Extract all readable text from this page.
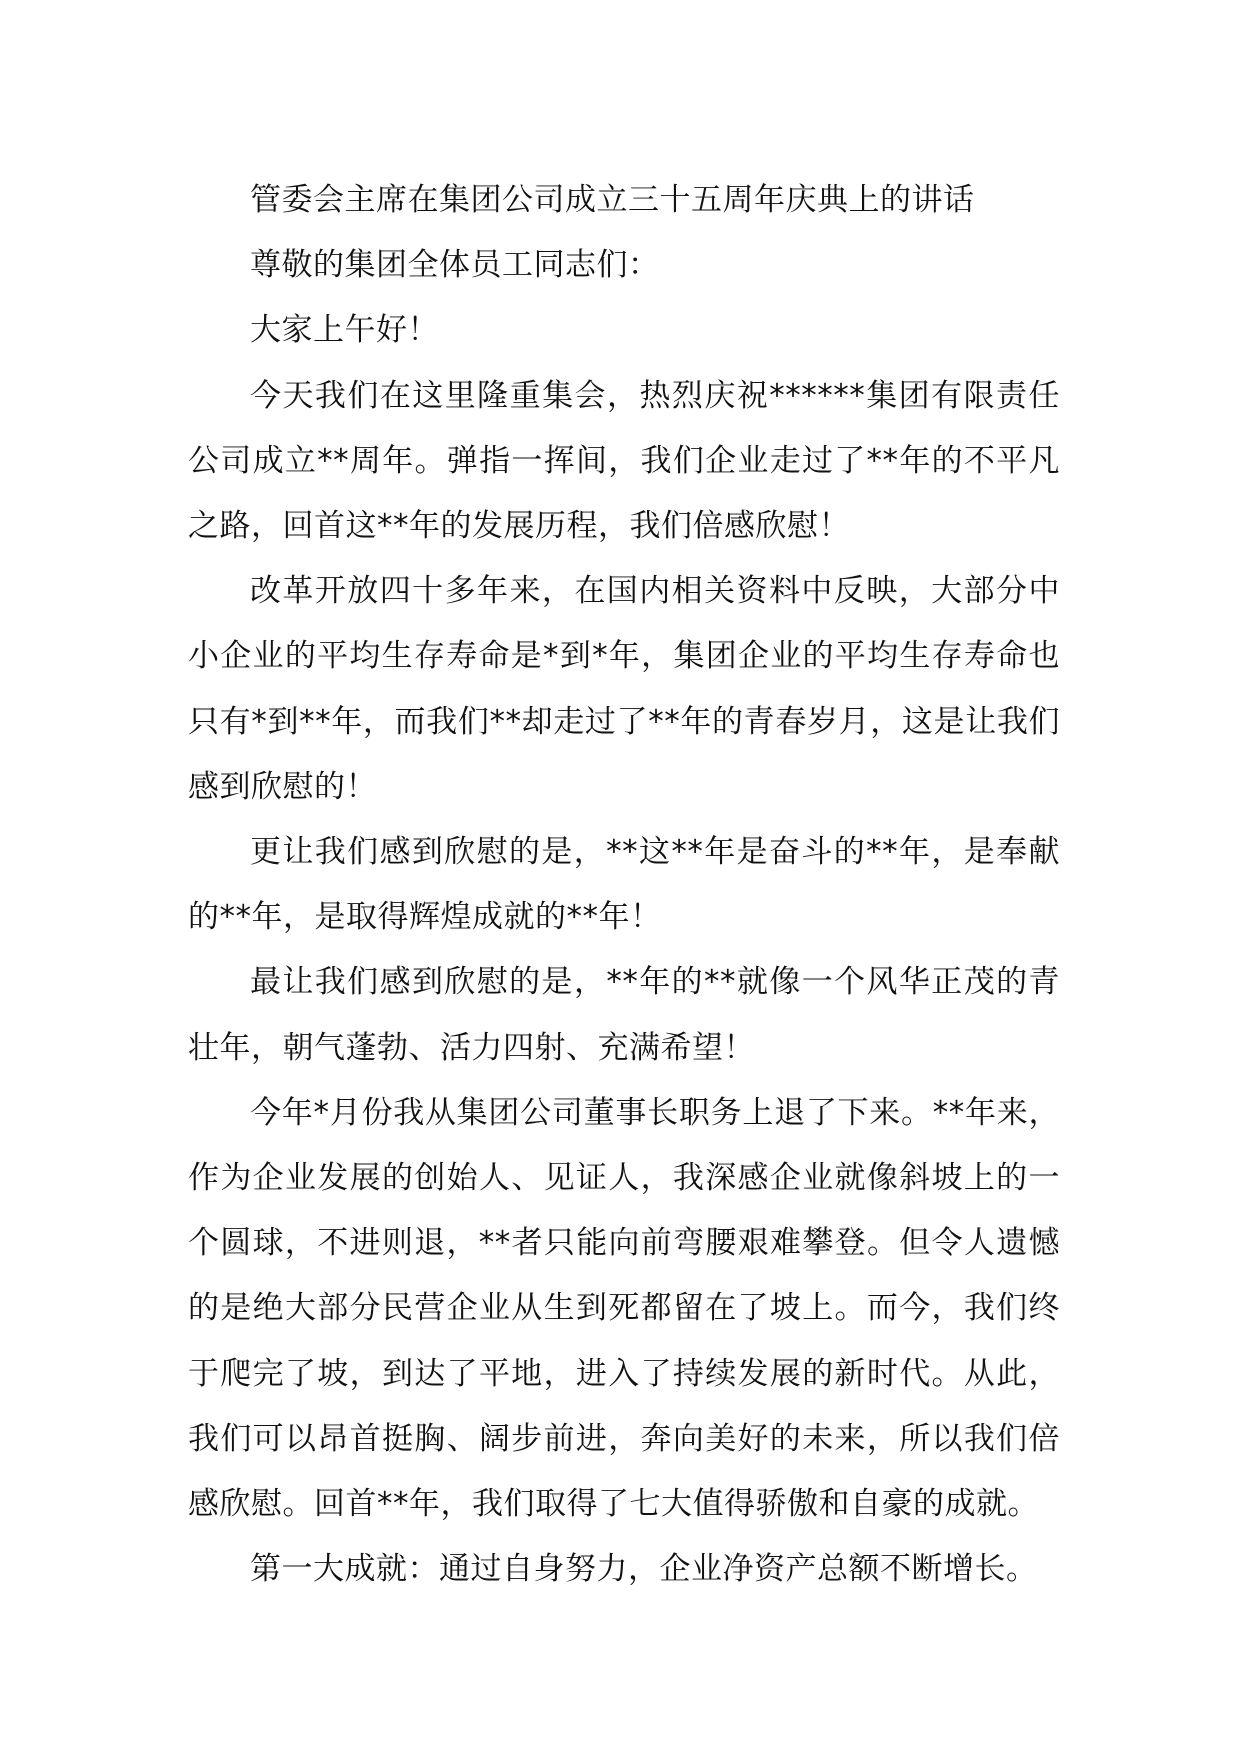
管委会主席在集团公司成立三十五周年庆典上的讲话

尊敬的集团全体员工同志们：

大家上午好！

今天我们在这里隆重集会，热烈庆祝******集团有限责任公司成立**周年。弹指一挥间，我们企业走过了**年的不平凡之路，回首这**年的发展历程，我们倍感欣慰！

改革开放四十多年来，在国内相关资料中反映，大部分中小企业的平均生存寿命是*到*年，集团企业的平均生存寿命也只有*到**年，而我们**却走过了**年的青春岁月，这是让我们感到欣慰的！

更让我们感到欣慰的是，**这**年是奋斗的**年，是奉献的**年，是取得辉煌成就的**年！

最让我们感到欣慰的是，**年的**就像一个风华正茂的青壮年，朝气蓬勃、活力四射、充满希望！

今年*月份我从集团公司董事长职务上退了下来。**年来，作为企业发展的创始人、见证人，我深感企业就像斜坡上的一个圆球，不进则退，**者只能向前弯腰艰难攀登。但令人遗憾的是绝大部分民营企业从生到死都留在了坡上。而今，我们终于爬完了坡，到达了平地，进入了持续发展的新时代。从此，我们可以昂首挺胸、阔步前进，奔向美好的未来，所以我们倍感欣慰。回首**年，我们取得了七大值得骄傲和自豪的成就。

第一大成就：通过自身努力，企业净资产总额不断增长。
